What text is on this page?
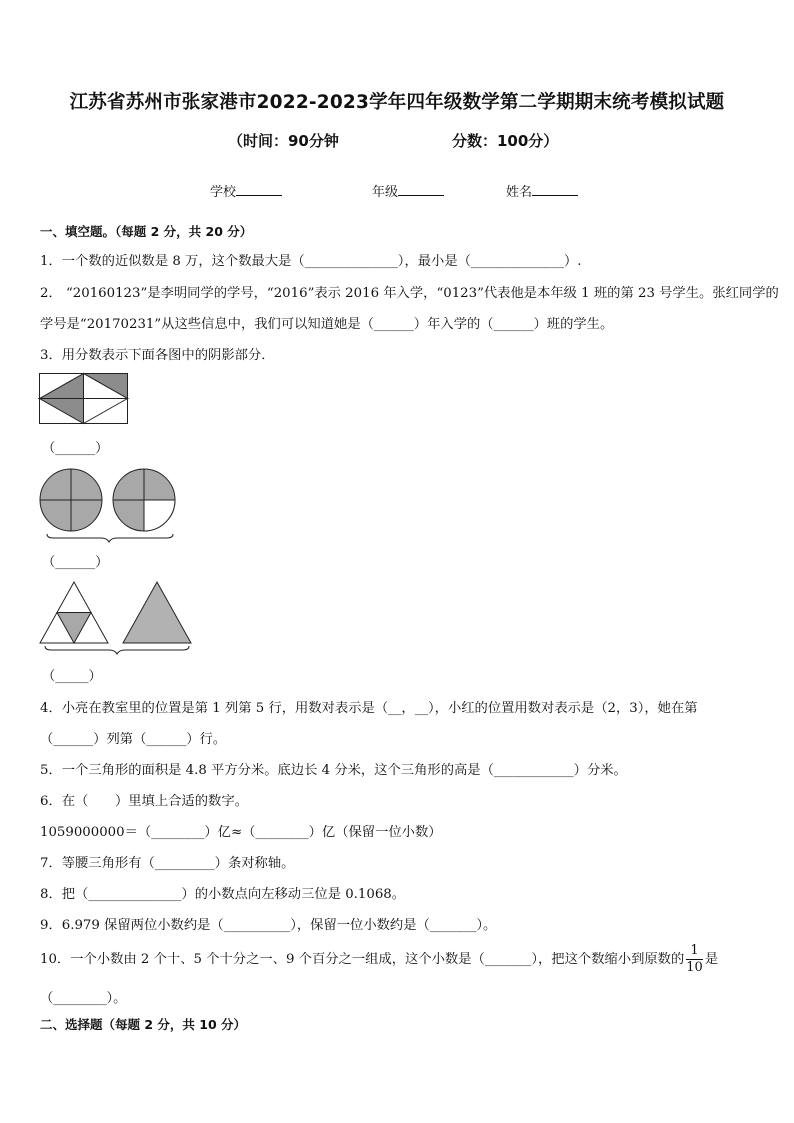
江苏省苏州市张家港市2022-2023学年四年级数学第二学期期末统考模拟试题
（时间：90分钟	分数：100分）
学校	年级	姓名
一、填空题。（每题 2 分，共 20 分）
1．一个数的近似数是 8 万，这个数最大是（______________），最小是（______________）.
2． “20160123”是李明同学的学号，“2016”表示 2016 年入学，“0123”代表他是本年级 1 班的第 23 号学生。张红同学的
学号是“20170231”从这些信息中，我们可以知道她是（______）年入学的（______）班的学生。
3．用分数表示下面各图中的阴影部分．
（______）
（______）
（_____）
4．小亮在教室里的位置是第 1 列第 5 行，用数对表示是（__，__），小红的位置用数对表示是（2，3），她在第
（______）列第（______）行。
5．一个三角形的面积是 4.8 平方分米。底边长 4 分米，这个三角形的高是（____________）分米。
6．在（　　）里填上合适的数字。
1059000000＝（________）亿≈（________）亿（保留一位小数）
7．等腰三角形有（_________）条对称轴。
8．把（______________）的小数点向左移动三位是 0.1068。
9．6.979 保留两位小数约是（__________），保留一位小数约是（_______）。
10．一个小数由 2 个十、5 个十分之一、9 个百分之一组成，这个小数是（_______），把这个数缩小到原数的 $\frac{1}{10}$ 是
（________）。
二、选择题（每题 2 分，共 10 分）
